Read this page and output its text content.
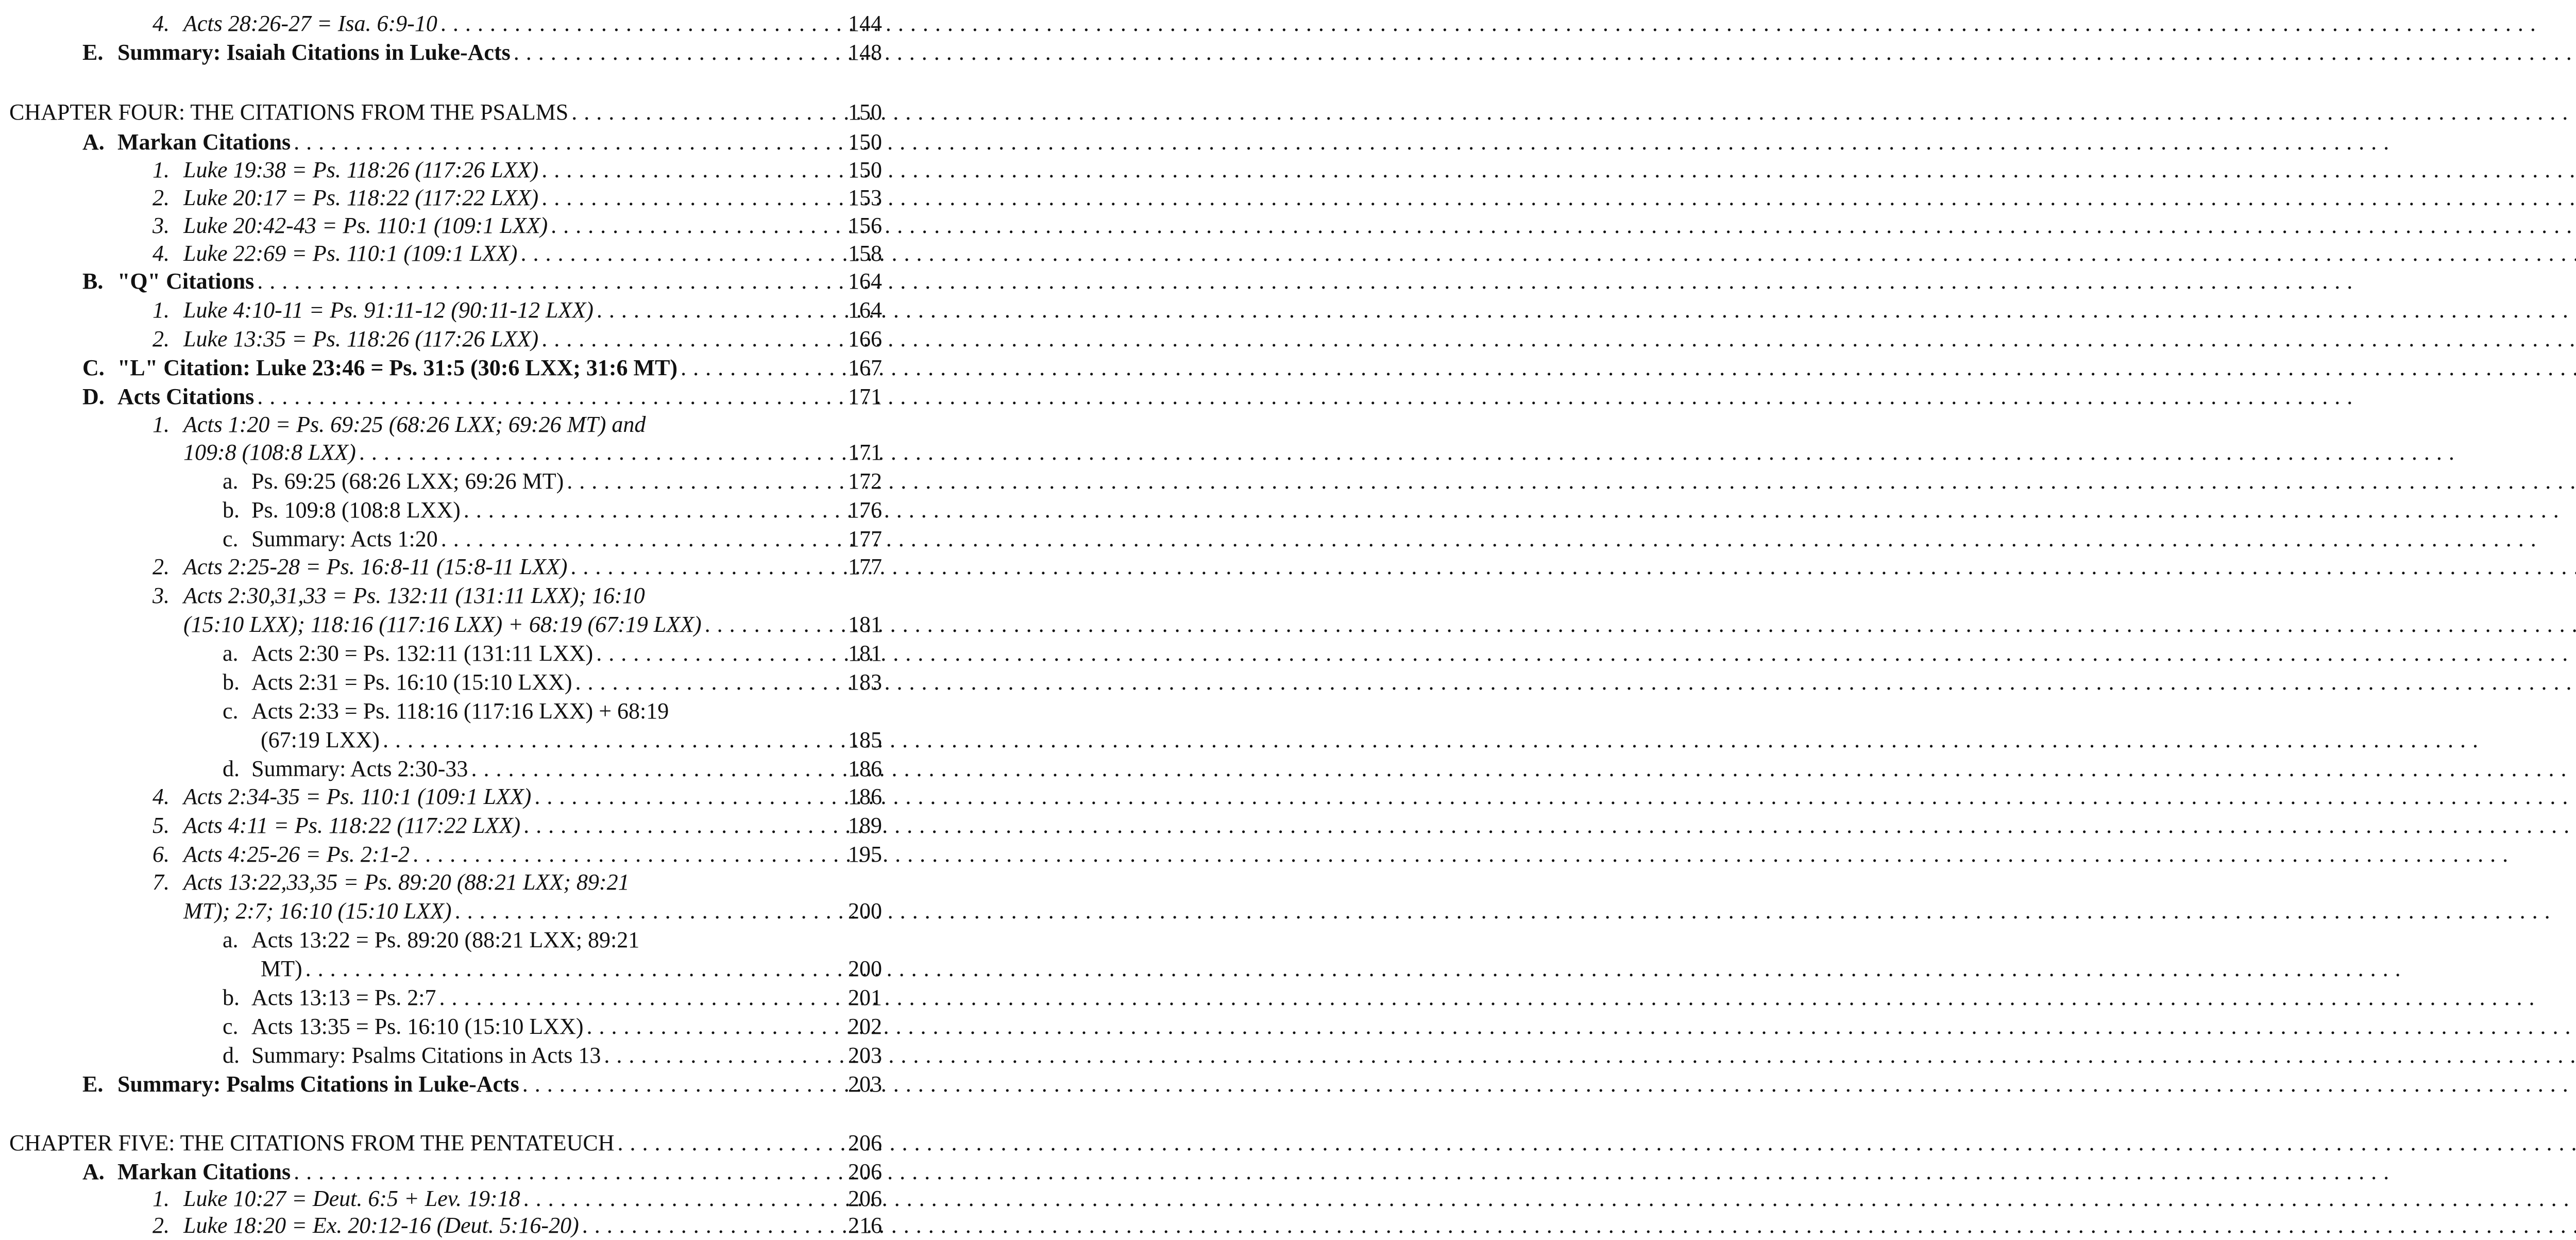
4. Acts 28:26-27 = Isa. 6:9-10 . . .	144
E. Summary: Isaiah Citations in Luke-Acts . . .	148
CHAPTER FOUR: THE CITATIONS FROM THE PSALMS . . .	150
A. Markan Citations . . .	150
1. Luke 19:38 = Ps. 118:26 (117:26 LXX) . . .	150
2. Luke 20:17 = Ps. 118:22 (117:22 LXX) . . .	153
3. Luke 20:42-43 = Ps. 110:1 (109:1 LXX) . . .	156
4. Luke 22:69 = Ps. 110:1 (109:1 LXX) . . .	158
B. "Q" Citations . . .	164
1. Luke 4:10-11 = Ps. 91:11-12 (90:11-12 LXX) . . .	164
2. Luke 13:35 = Ps. 118:26 (117:26 LXX) . . .	166
C. "L" Citation: Luke 23:46 = Ps. 31:5 (30:6 LXX; 31:6 MT) . . .	167
D. Acts Citations . . .	171
1. Acts 1:20 = Ps. 69:25 (68:26 LXX; 69:26 MT) and
109:8 (108:8 LXX) . . .	171
a. Ps. 69:25 (68:26 LXX; 69:26 MT) . . .	172
b. Ps. 109:8 (108:8 LXX) . . .	176
c. Summary: Acts 1:20 . . .	177
2. Acts 2:25-28 = Ps. 16:8-11 (15:8-11 LXX) . . .	177
3. Acts 2:30,31,33 = Ps. 132:11 (131:11 LXX); 16:10
(15:10 LXX); 118:16 (117:16 LXX) + 68:19 (67:19 LXX) . . .	181
a. Acts 2:30 = Ps. 132:11 (131:11 LXX) . . .	181
b. Acts 2:31 = Ps. 16:10 (15:10 LXX) . . .	183
c. Acts 2:33 = Ps. 118:16 (117:16 LXX) + 68:19
(67:19 LXX) . . .	185
d. Summary: Acts 2:30-33 . . .	186
4. Acts 2:34-35 = Ps. 110:1 (109:1 LXX) . . .	186
5. Acts 4:11 = Ps. 118:22 (117:22 LXX) . . .	189
6. Acts 4:25-26 = Ps. 2:1-2 . . .	195
7. Acts 13:22,33,35 = Ps. 89:20 (88:21 LXX; 89:21
MT); 2:7; 16:10 (15:10 LXX) . . .	200
a. Acts 13:22 = Ps. 89:20 (88:21 LXX; 89:21
MT) . . .	200
b. Acts 13:13 = Ps. 2:7 . . .	201
c. Acts 13:35 = Ps. 16:10 (15:10 LXX) . . .	202
d. Summary: Psalms Citations in Acts 13 . . .	203
E. Summary: Psalms Citations in Luke-Acts . . .	203
CHAPTER FIVE: THE CITATIONS FROM THE PENTATEUCH . . .	206
A. Markan Citations . . .	206
1. Luke 10:27 = Deut. 6:5 + Lev. 19:18 . . .	206
2. Luke 18:20 = Ex. 20:12-16 (Deut. 5:16-20) . . .	216
